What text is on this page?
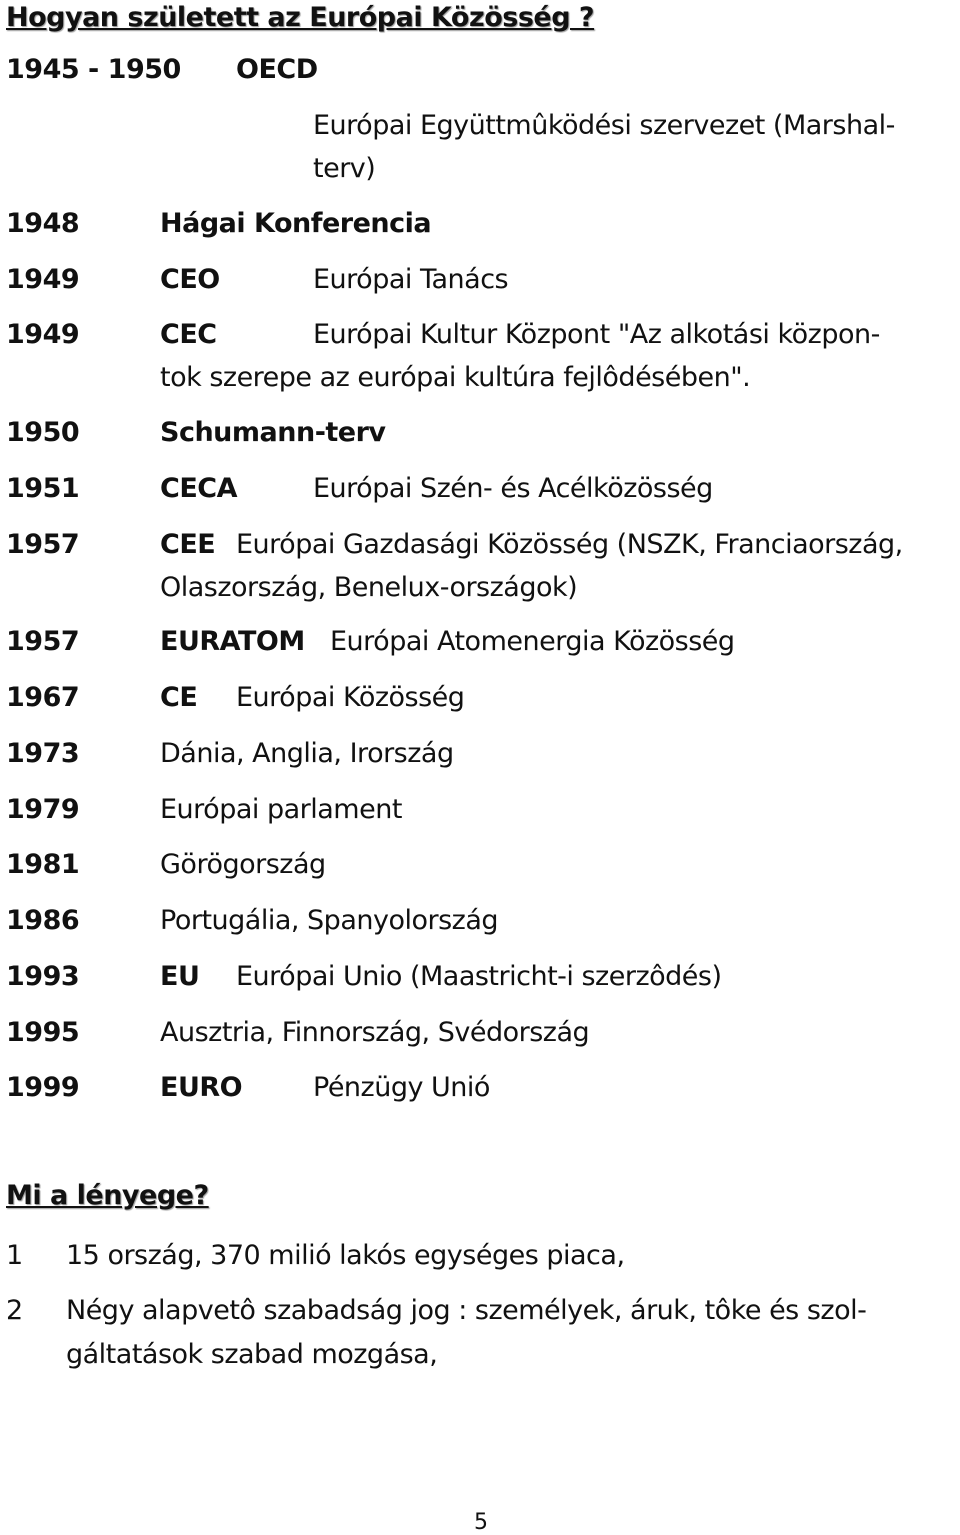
Hogyan született az Európai Közösség ?
1945 - 1950 OECD
Európai Együttmûködési szervezet (Marshal-
terv)
1948	Hágai Konferencia
1949	CEO	Európai Tanács
1949	CEC	Európai Kultur Központ "Az alkotási közpon-
tok szerepe az európai kultúra fejlôdésében".
1950	Schumann-terv
1951	CECA	Európai Szén- és Acélközösség
1957	CEE Európai Gazdasági Közösség (NSZK, Franciaország,
Olaszország, Benelux-országok)
1957	EURATOM Európai Atomenergia Közösség
1967	CE Európai Közösség
1973	Dánia, Anglia, Irország
1979	Európai parlament
1981	Görögország
1986	Portugália, Spanyolország
1993	EU Európai Unio (Maastricht-i szerzôdés)
1995	Ausztria, Finnország, Svédország
1999	EURO	Pénzügy Unió
Mi a lényege?
1 15 ország, 370 milió lakós egységes piaca,
2 Négy alapvetô szabadság jog : személyek, áruk, tôke és szol-
gáltatások szabad mozgása,
5
